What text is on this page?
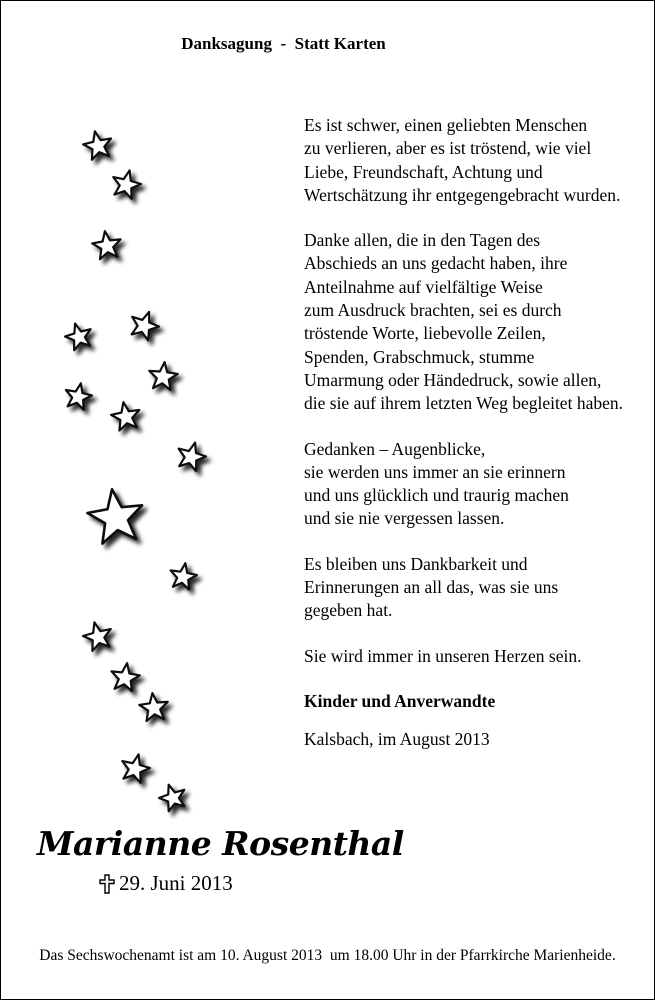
Danksagung  -  Statt Karten

Es ist schwer, einen geliebten Menschen
zu verlieren, aber es ist tröstend, wie viel
Liebe, Freundschaft, Achtung und
Wertschätzung ihr entgegengebracht wurden.

Danke allen, die in den Tagen des
Abschieds an uns gedacht haben, ihre
Anteilnahme auf vielfältige Weise
zum Ausdruck brachten, sei es durch
tröstende Worte, liebevolle Zeilen,
Spenden, Grabschmuck, stumme
Umarmung oder Händedruck, sowie allen,
die sie auf ihrem letzten Weg begleitet haben.

Gedanken – Augenblicke,
sie werden uns immer an sie erinnern
und uns glücklich und traurig machen
und sie nie vergessen lassen.

Es bleiben uns Dankbarkeit und
Erinnerungen an all das, was sie uns
gegeben hat.

Sie wird immer in unseren Herzen sein.

Kinder und Anverwandte

Kalsbach, im August 2013

Marianne Rosenthal
29. Juni 2013
Das Sechswochenamt ist am 10. August 2013  um 18.00 Uhr in der Pfarrkirche Marienheide.
